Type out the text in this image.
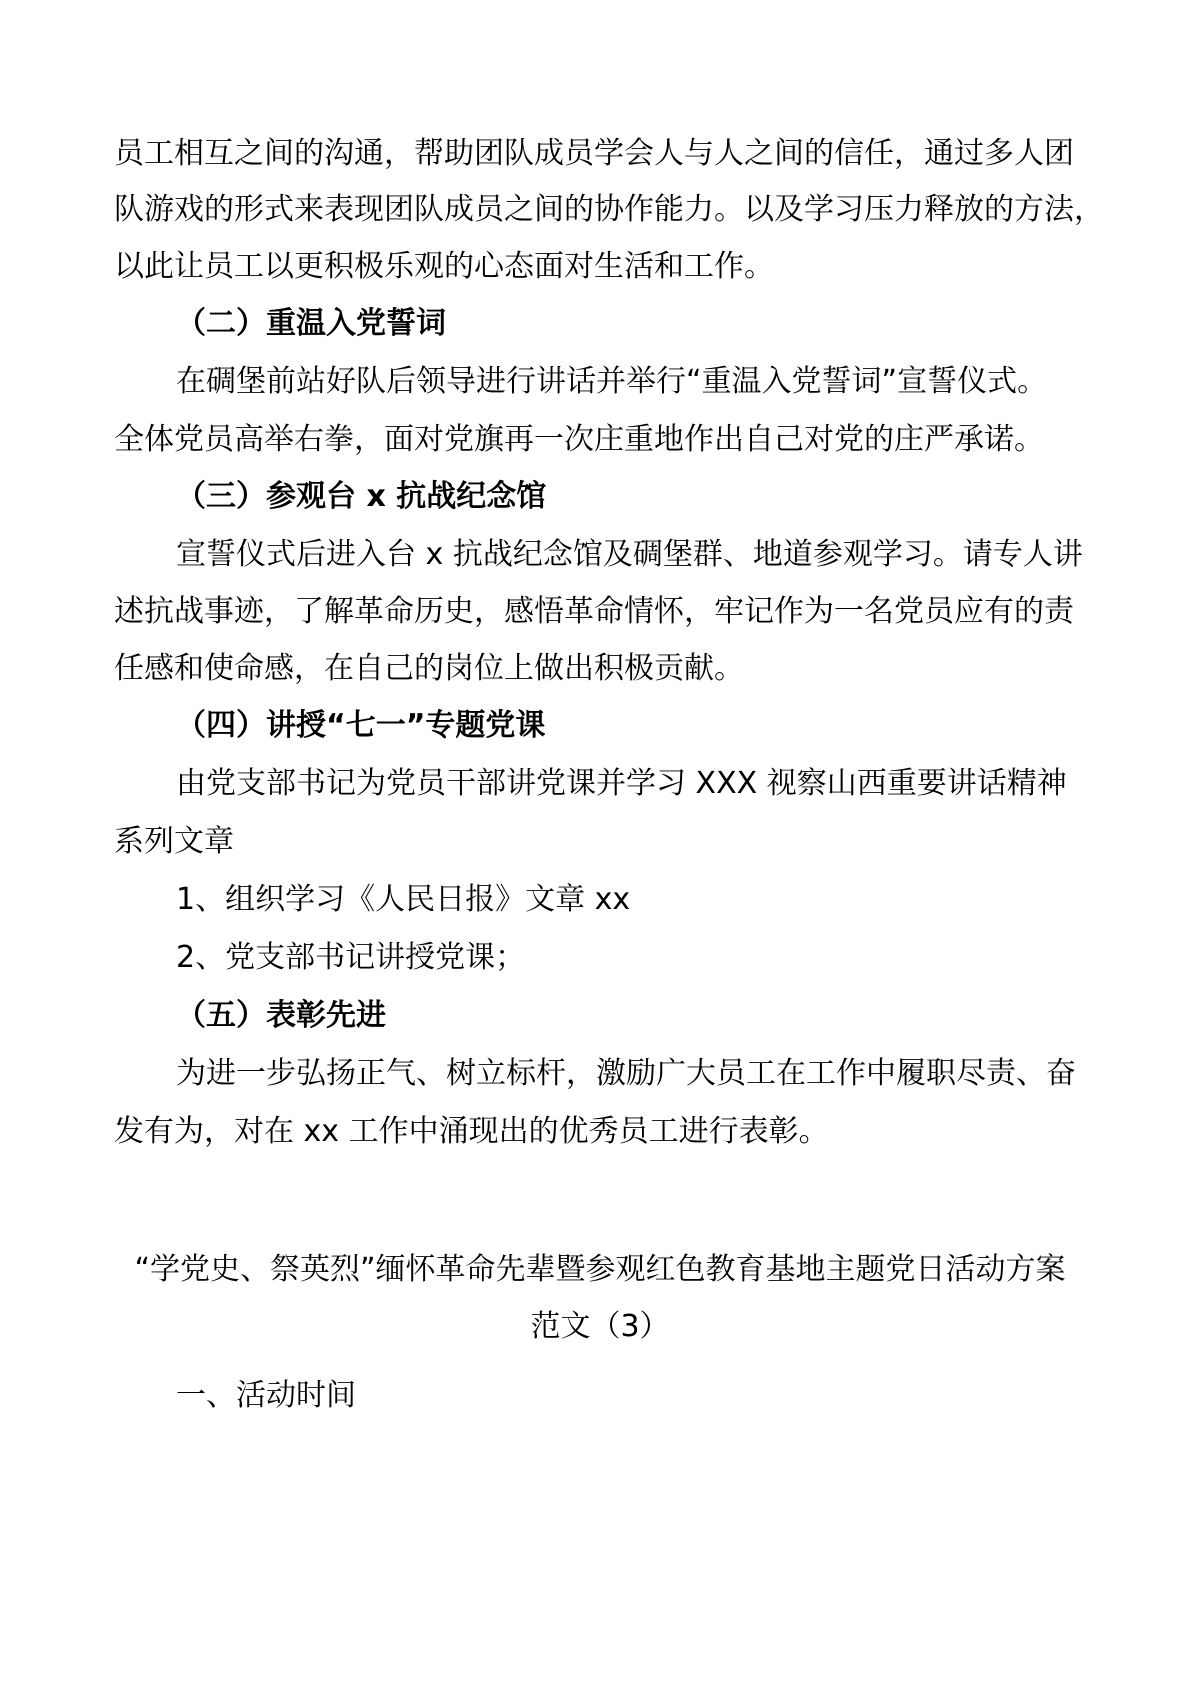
员工相互之间的沟通，帮助团队成员学会人与人之间的信任，通过多人团
队游戏的形式来表现团队成员之间的协作能力。以及学习压力释放的方法，
以此让员工以更积极乐观的心态面对生活和工作。
（二）重温入党誓词
在碉堡前站好队后领导进行讲话并举行“重温入党誓词”宣誓仪式。
全体党员高举右拳，面对党旗再一次庄重地作出自己对党的庄严承诺。
（三）参观台 x 抗战纪念馆
宣誓仪式后进入台 x 抗战纪念馆及碉堡群、地道参观学习。请专人讲
述抗战事迹，了解革命历史，感悟革命情怀，牢记作为一名党员应有的责
任感和使命感，在自己的岗位上做出积极贡献。
（四）讲授“七一”专题党课
由党支部书记为党员干部讲党课并学习 XXX 视察山西重要讲话精神
系列文章
1、组织学习《人民日报》文章 xx
2、党支部书记讲授党课；
（五）表彰先进
为进一步弘扬正气、树立标杆，激励广大员工在工作中履职尽责、奋
发有为，对在 xx 工作中涌现出的优秀员工进行表彰。
“学党史、祭英烈”缅怀革命先辈暨参观红色教育基地主题党日活动方案
范文（3）
一、活动时间
